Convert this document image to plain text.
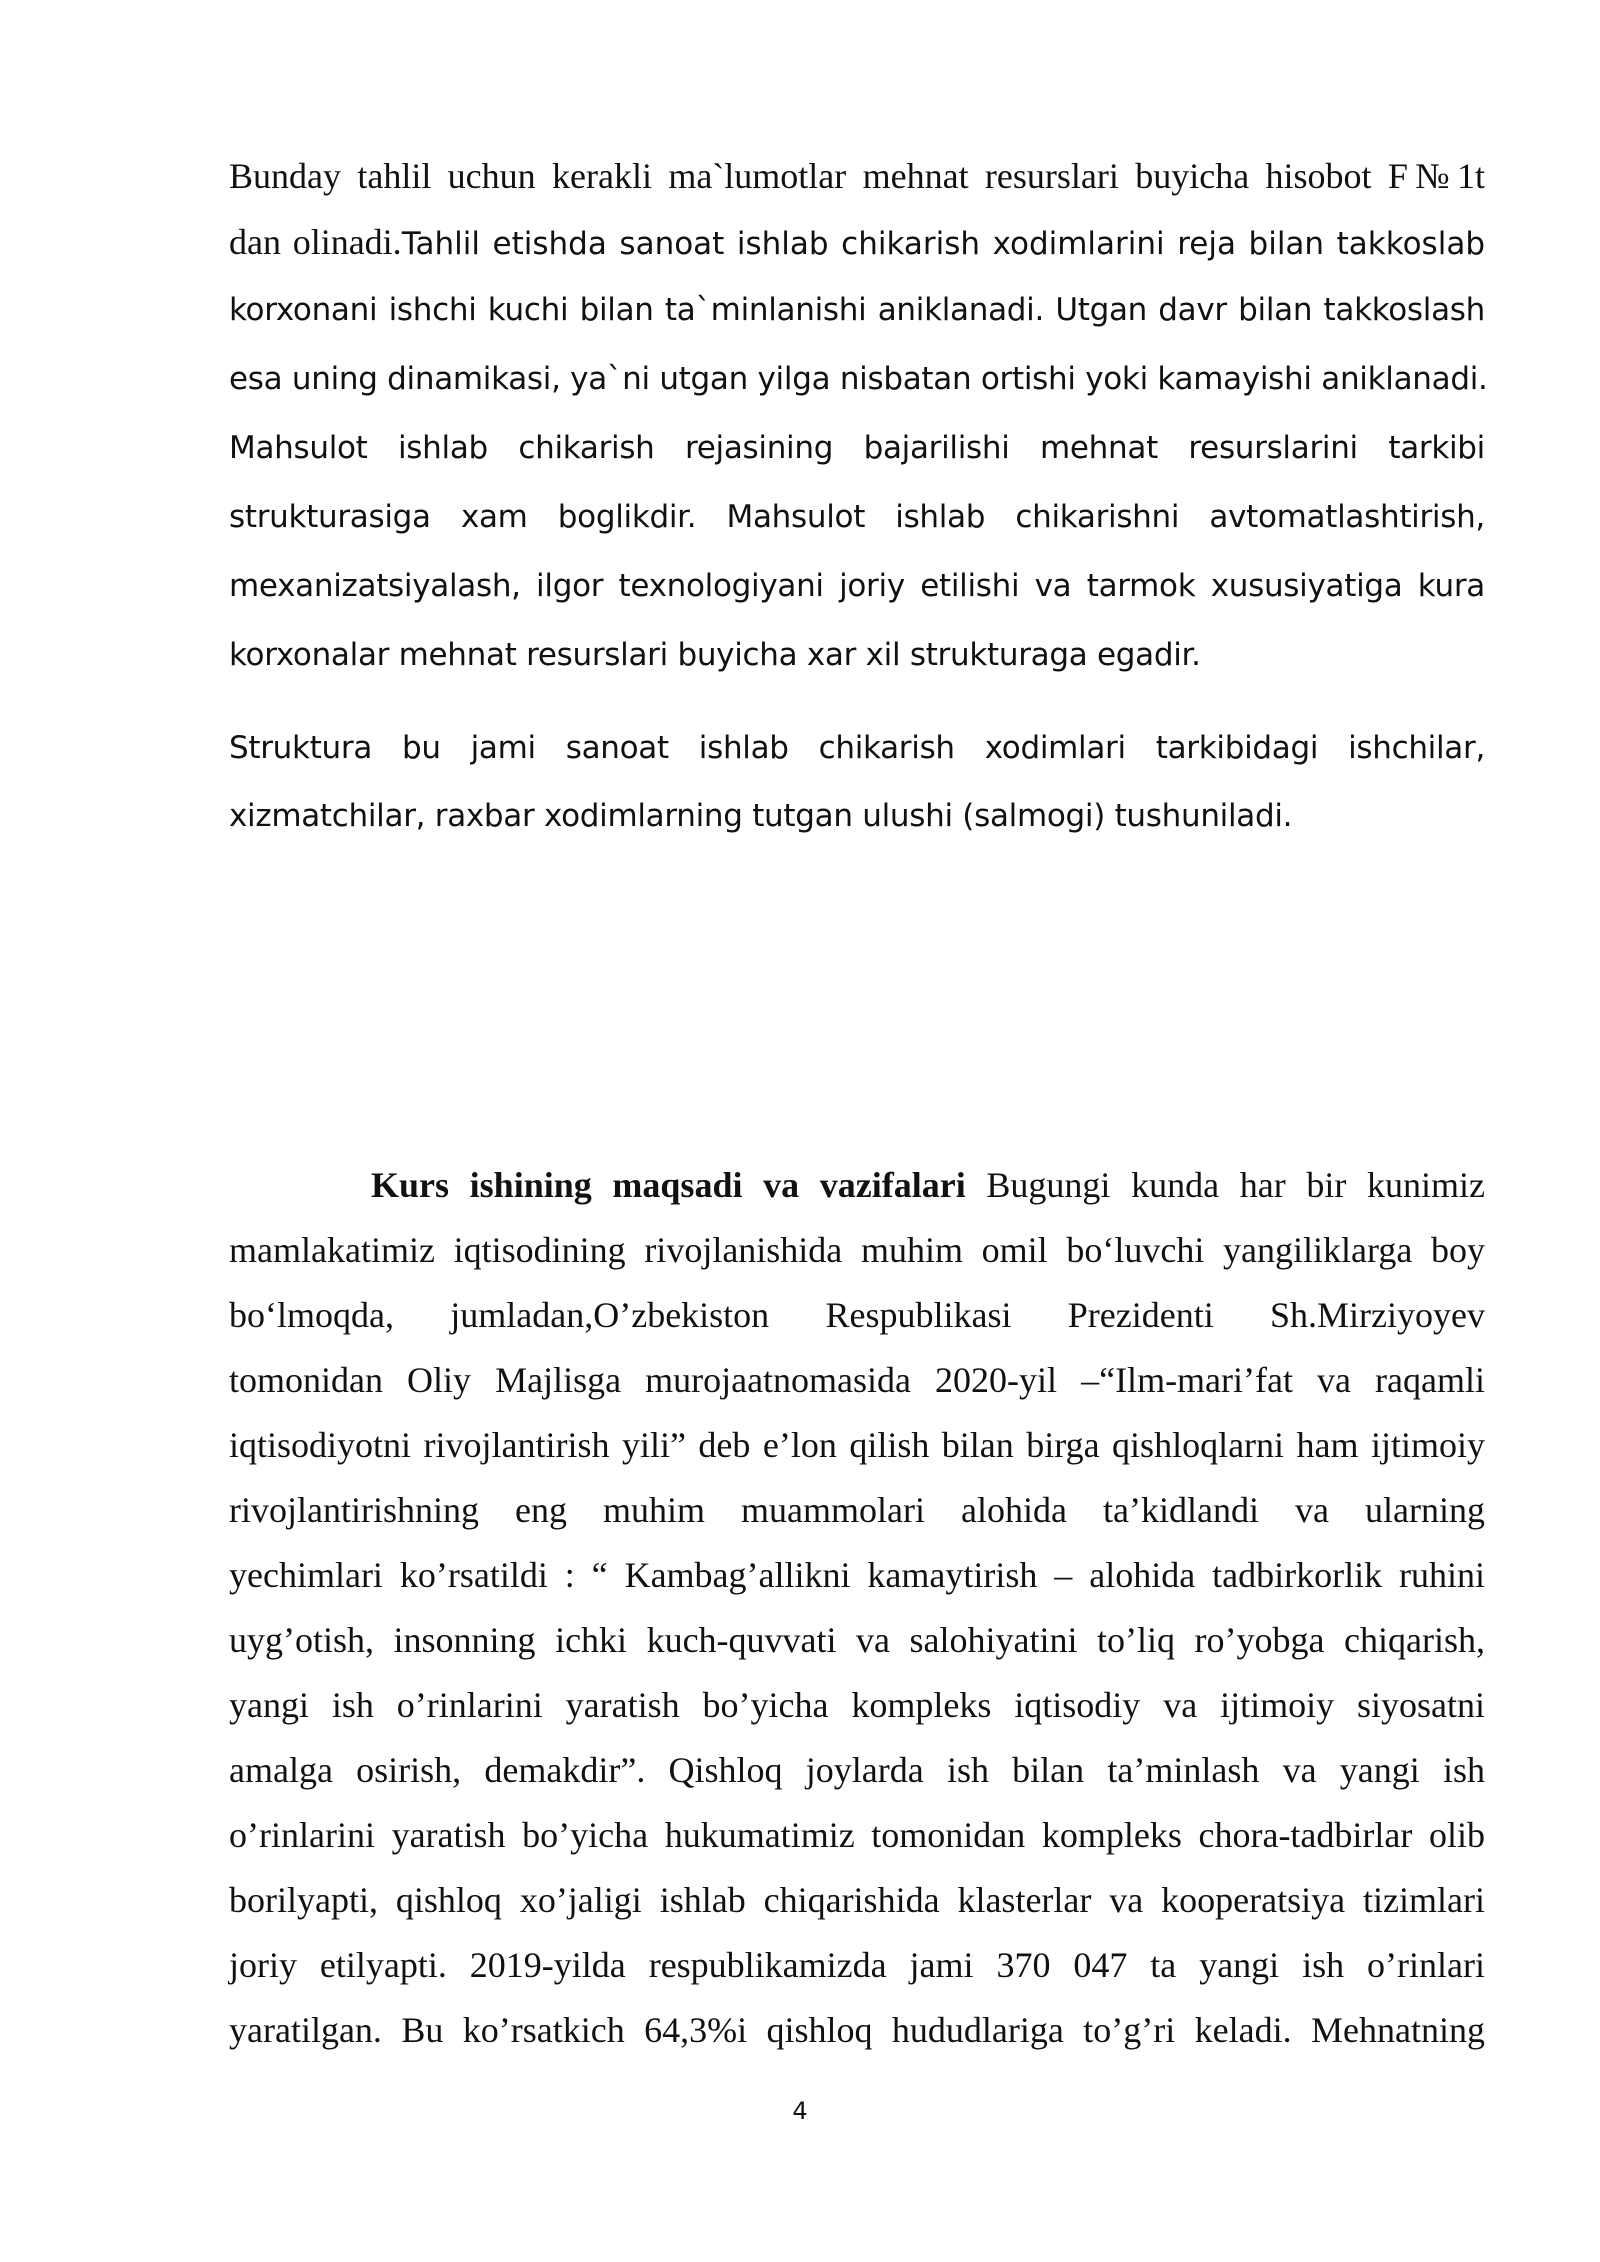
Bunday tahlil uchun kerakli ma`lumotlar mehnat resurslari buyicha hisobot F№1t
dan olinadi.Tahlil etishda sanoat ishlab chikarish xodimlarini reja bilan takkoslab
korxonani ishchi kuchi bilan ta`minlanishi aniklanadi. Utgan davr bilan takkoslash
esa uning dinamikasi, ya`ni utgan yilga nisbatan ortishi yoki kamayishi aniklanadi.
Mahsulot ishlab chikarish rejasining bajarilishi mehnat resurslarini tarkibi
strukturasiga xam boglikdir. Mahsulot ishlab chikarishni avtomatlashtirish,
mexanizatsiyalash, ilgor texnologiyani joriy etilishi va tarmok xususiyatiga kura
korxonalar mehnat resurslari buyicha xar xil strukturaga egadir.
Struktura bu jami sanoat ishlab chikarish xodimlari tarkibidagi ishchilar,
xizmatchilar, raxbar xodimlarning tutgan ulushi (salmogi) tushuniladi.
Kurs ishining maqsadi va vazifalari Bugungi kunda har bir kunimiz
mamlakatimiz iqtisodining rivojlanishida muhim omil bo‘luvchi yangiliklarga boy
bo‘lmoqda, jumladan,O’zbekiston Respublikasi Prezidenti Sh.Mirziyoyev
tomonidan Oliy Majlisga murojaatnomasida 2020-yil –“Ilm-mari’fat va raqamli
iqtisodiyotni rivojlantirish yili” deb e’lon qilish bilan birga qishloqlarni ham ijtimoiy
rivojlantirishning eng muhim muammolari alohida ta’kidlandi va ularning
yechimlari ko’rsatildi : “ Kambag’allikni kamaytirish – alohida tadbirkorlik ruhini
uyg’otish, insonning ichki kuch-quvvati va salohiyatini to’liq ro’yobga chiqarish,
yangi ish o’rinlarini yaratish bo’yicha kompleks iqtisodiy va ijtimoiy siyosatni
amalga osirish, demakdir”. Qishloq joylarda ish bilan ta’minlash va yangi ish
o’rinlarini yaratish bo’yicha hukumatimiz tomonidan kompleks chora-tadbirlar olib
borilyapti, qishloq xo’jaligi ishlab chiqarishida klasterlar va kooperatsiya tizimlari
joriy etilyapti. 2019-yilda respublikamizda jami 370 047 ta yangi ish o’rinlari
yaratilgan. Bu ko’rsatkich 64,3%i qishloq hududlariga to’g’ri keladi. Mehnatning
4
